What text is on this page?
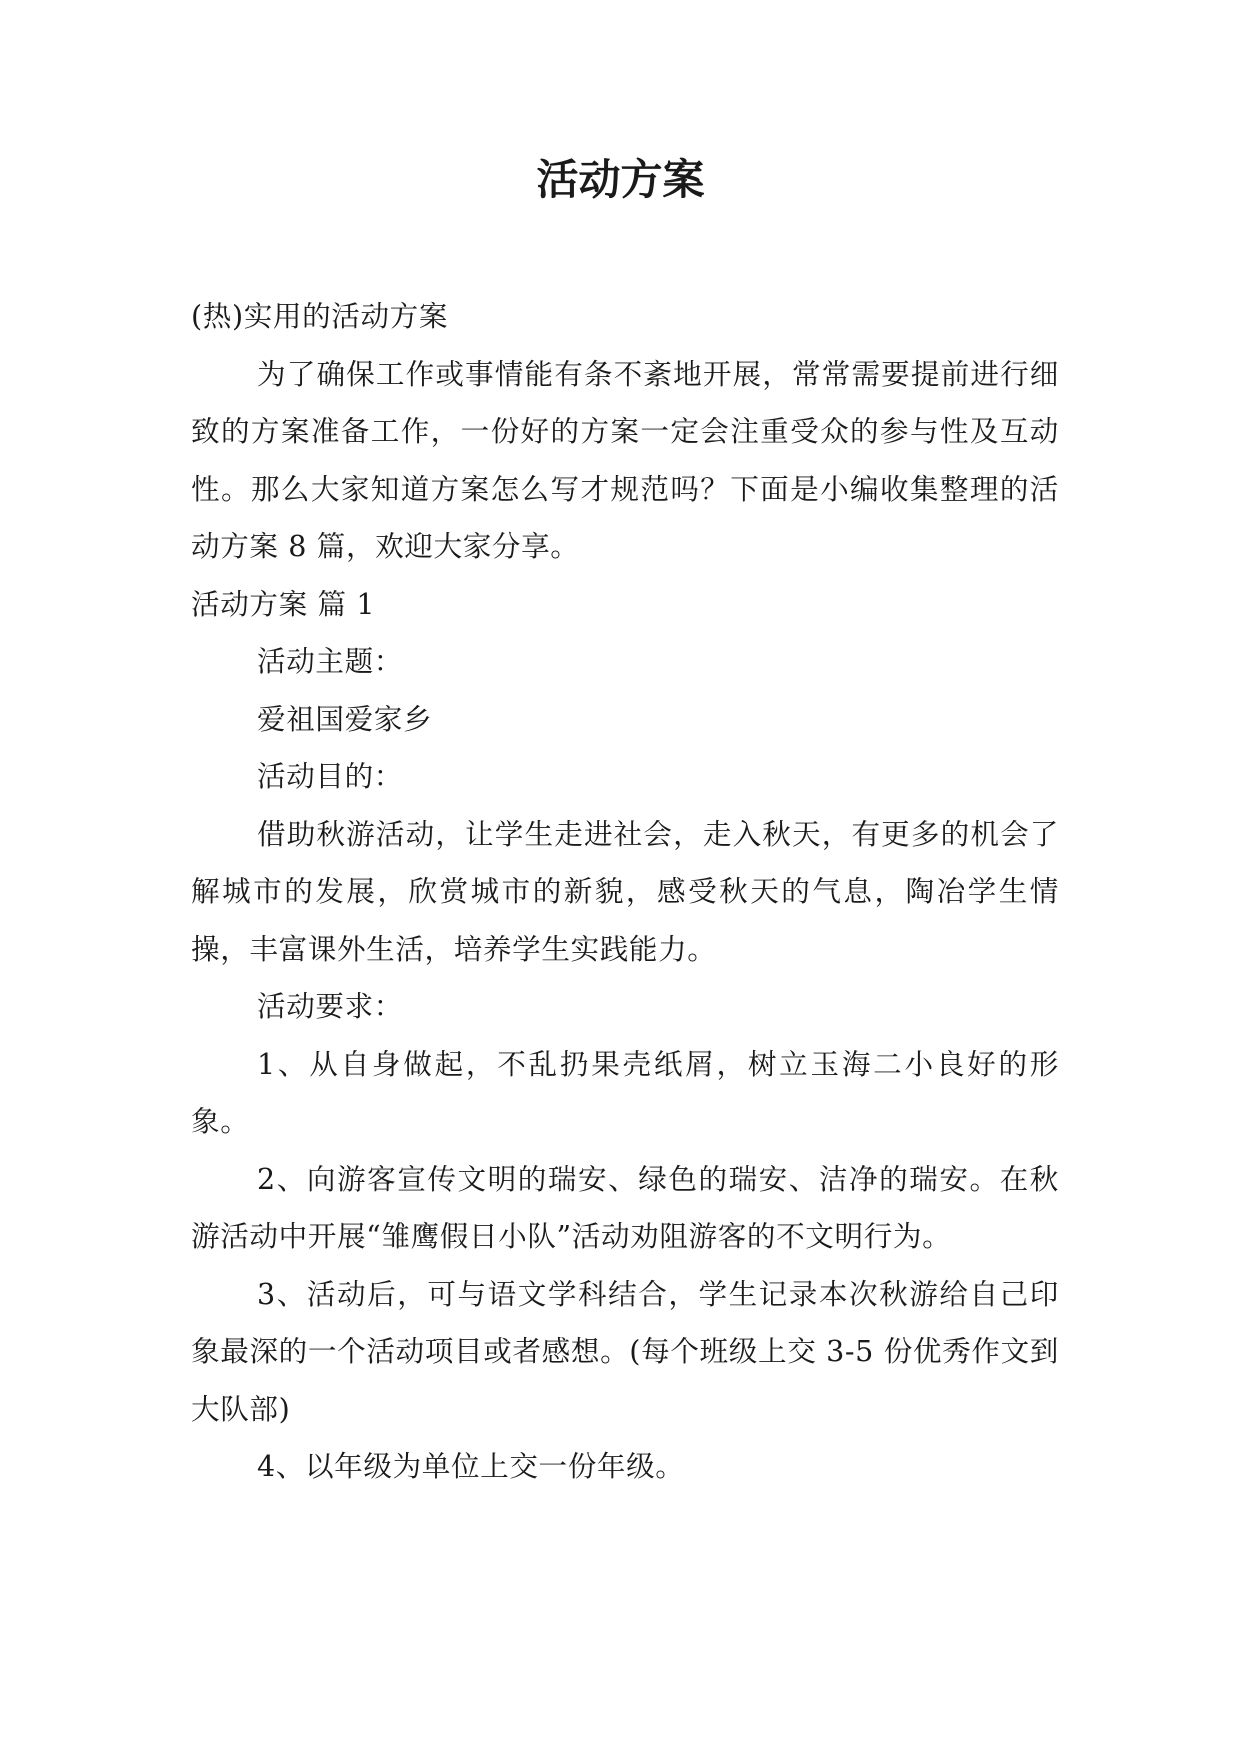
活动方案

(热)实用的活动方案

为了确保工作或事情能有条不紊地开展，常常需要提前进行细致的方案准备工作，一份好的方案一定会注重受众的参与性及互动性。那么大家知道方案怎么写才规范吗？下面是小编收集整理的活动方案 8 篇，欢迎大家分享。

活动方案 篇 1

活动主题：

爱祖国爱家乡

活动目的：

借助秋游活动，让学生走进社会，走入秋天，有更多的机会了解城市的发展，欣赏城市的新貌，感受秋天的气息，陶冶学生情操，丰富课外生活，培养学生实践能力。

活动要求：

1、从自身做起，不乱扔果壳纸屑，树立玉海二小良好的形象。

2、向游客宣传文明的瑞安、绿色的瑞安、洁净的瑞安。在秋游活动中开展“雏鹰假日小队”活动劝阻游客的不文明行为。

3、活动后，可与语文学科结合，学生记录本次秋游给自己印象最深的一个活动项目或者感想。(每个班级上交 3-5 份优秀作文到大队部)

4、以年级为单位上交一份年级。
